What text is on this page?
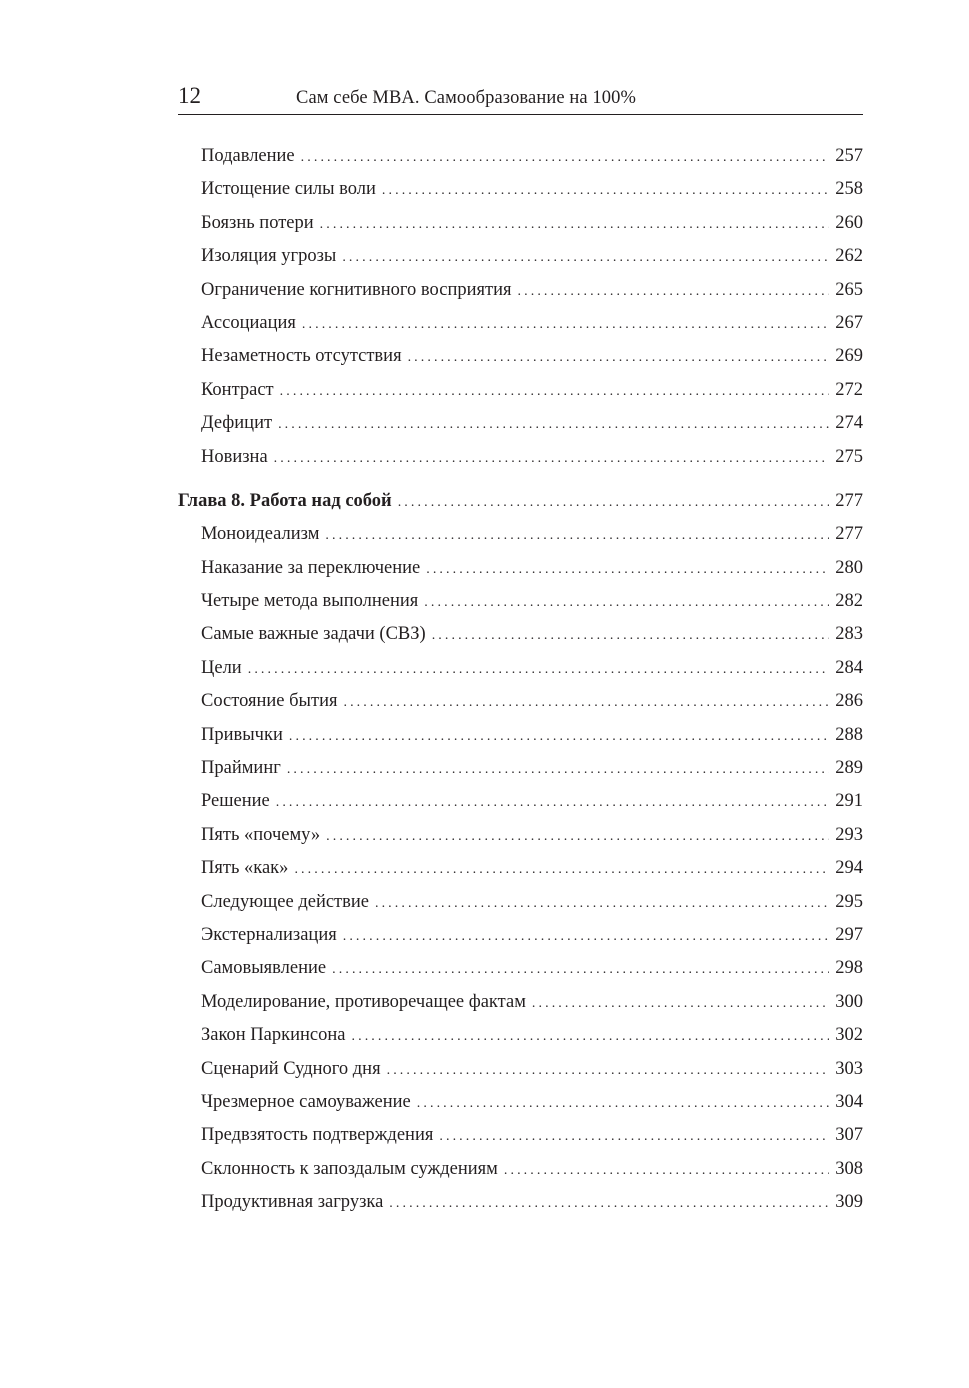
12	Сам себе MBA. Самообразование на 100%
Подавление .....	257
Истощение силы воли .....	258
Боязнь потери .....	260
Изоляция угрозы .....	262
Ограничение когнитивного восприятия .....	265
Ассоциация .....	267
Незаметность отсутствия .....	269
Контраст .....	272
Дефицит .....	274
Новизна .....	275
Глава 8. Работа над собой .....	277
Моноидеализм .....	277
Наказание за переключение .....	280
Четыре метода выполнения .....	282
Самые важные задачи (СВЗ) .....	283
Цели .....	284
Состояние бытия .....	286
Привычки .....	288
Прайминг .....	289
Решение .....	291
Пять «почему» .....	293
Пять «как» .....	294
Следующее действие .....	295
Экстернализация .....	297
Самовыявление .....	298
Моделирование, противоречащее фактам .....	300
Закон Паркинсона .....	302
Сценарий Судного дня .....	303
Чрезмерное самоуважение .....	304
Предвзятость подтверждения .....	307
Склонность к запоздалым суждениям .....	308
Продуктивная загрузка .....	309
